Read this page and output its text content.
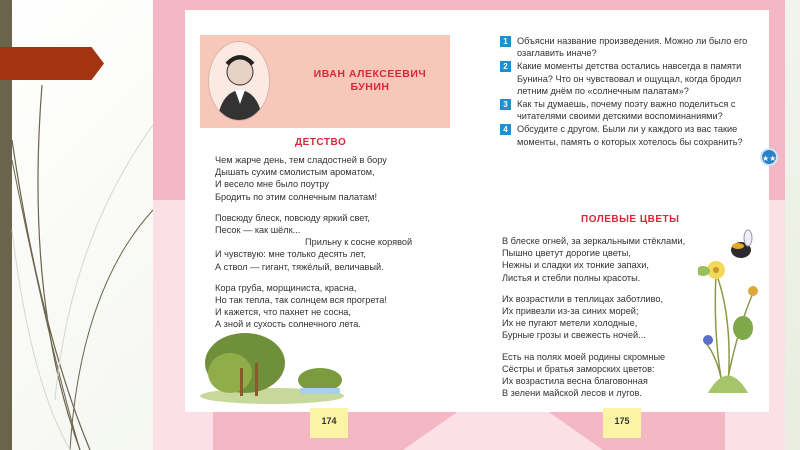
ИВАН АЛЕКСЕЕВИЧ
БУНИН
ДЕТСТВО
Чем жарче день, тем сладостней в бору
Дышать сухим смолистым ароматом,
И весело мне было поутру
Бродить по этим солнечным палатам!
Повсюду блеск, повсюду яркий свет,
Песок — как шёлк...
Прильну к сосне корявой
И чувствую: мне только десять лет,
А ствол — гигант, тяжёлый, величавый.
Кора груба, морщиниста, красна,
Но так тепла, так солнцем вся прогрета!
И кажется, что пахнет не сосна,
А зной и сухость солнечного лета.
174
1	Объясни название произведения. Можно ли было его озаглавить иначе?
2	Какие моменты детства остались навсегда в памяти Бунина? Что он чувствовал и ощущал, когда бродил летним днём по «солнечным палатам»?
3	Как ты думаешь, почему поэту важно поделиться с читателями своими детскими воспоминаниями?
4	Обсудите с другом. Были ли у каждого из вас такие моменты, память о которых хотелось бы сохранить?
★★
ПОЛЕВЫЕ ЦВЕТЫ
В блеске огней, за зеркальными стёклами,
Пышно цветут дорогие цветы,
Нежны и сладки их тонкие запахи,
Листья и стебли полны красоты.
Их возрастили в теплицах заботливо,
Их привезли из-за синих морей;
Их не пугают метели холодные,
Бурные грозы и свежесть ночей...
Есть на полях моей родины скромные
Сёстры и братья заморских цветов:
Их возрастила весна благовонная
В зелени майской лесов и лугов.
175
